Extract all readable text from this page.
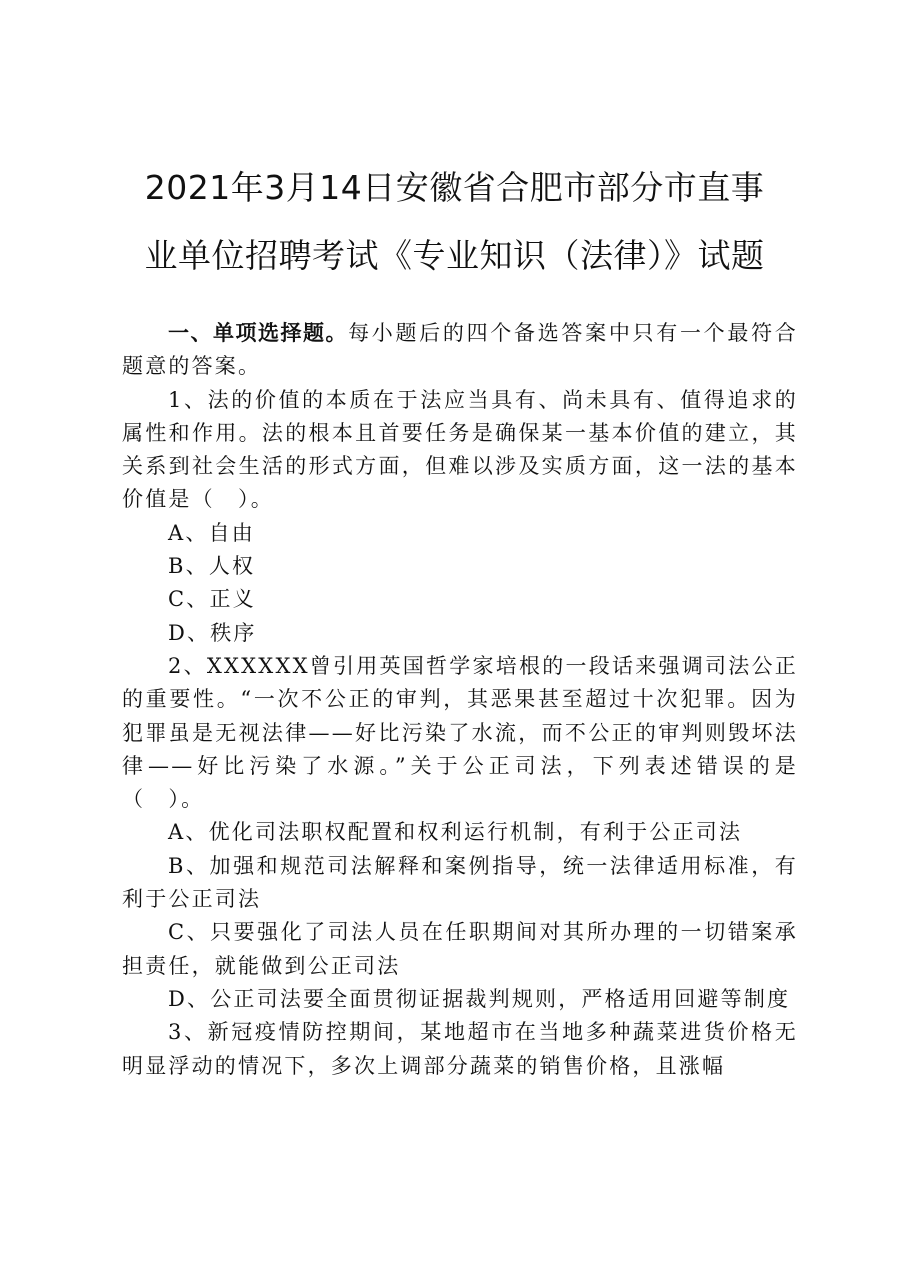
2021年3月14日安徽省合肥市部分市直事
业单位招聘考试《专业知识（法律）》试题

一、单项选择题。每小题后的四个备选答案中只有一个最符合题意的答案。

1、法的价值的本质在于法应当具有、尚未具有、值得追求的属性和作用。法的根本且首要任务是确保某一基本价值的建立，其关系到社会生活的形式方面，但难以涉及实质方面，这一法的基本价值是（　）。

A、自由

B、人权

C、正义

D、秩序

2、XXXXXX曾引用英国哲学家培根的一段话来强调司法公正的重要性。“一次不公正的审判，其恶果甚至超过十次犯罪。因为犯罪虽是无视法律——好比污染了水流，而不公正的审判则毁坏法律——好比污染了水源。”关于公正司法，下列表述错误的是（　）。

A、优化司法职权配置和权利运行机制，有利于公正司法

B、加强和规范司法解释和案例指导，统一法律适用标准，有利于公正司法

C、只要强化了司法人员在任职期间对其所办理的一切错案承担责任，就能做到公正司法

D、公正司法要全面贯彻证据裁判规则，严格适用回避等制度

3、新冠疫情防控期间，某地超市在当地多种蔬菜进货价格无明显浮动的情况下，多次上调部分蔬菜的销售价格，且涨幅
